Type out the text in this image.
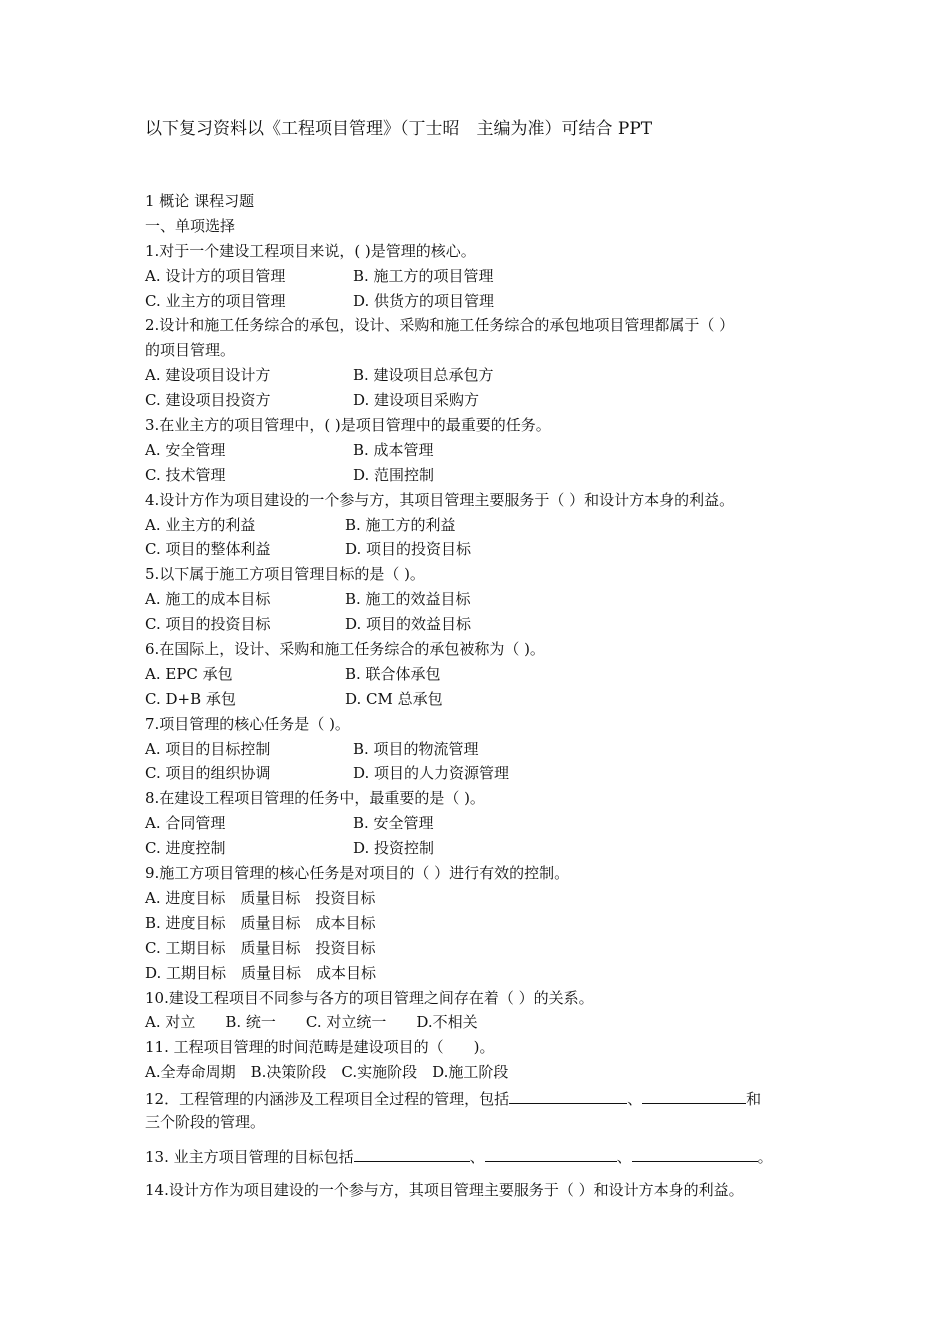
以下复习资料以《工程项目管理》（丁士昭　主编为准）可结合 PPT
1 概论 课程习题
一、单项选择
1.对于一个建设工程项目来说，( )是管理的核心。
A. 设计方的项目管理	B. 施工方的项目管理
C. 业主方的项目管理	D. 供货方的项目管理
2.设计和施工任务综合的承包，设计、采购和施工任务综合的承包地项目管理都属于（ ）
的项目管理。
A. 建设项目设计方	B. 建设项目总承包方
C. 建设项目投资方	D. 建设项目采购方
3.在业主方的项目管理中，( )是项目管理中的最重要的任务。
A. 安全管理	B. 成本管理
C. 技术管理	D. 范围控制
4.设计方作为项目建设的一个参与方，其项目管理主要服务于（ ）和设计方本身的利益。
A. 业主方的利益	B. 施工方的利益
C. 项目的整体利益	D. 项目的投资目标
5.以下属于施工方项目管理目标的是（ )。
A. 施工的成本目标	B. 施工的效益目标
C. 项目的投资目标	D. 项目的效益目标
6.在国际上，设计、采购和施工任务综合的承包被称为（ )。
A. EPC 承包	B. 联合体承包
C. D+B 承包	D. CM 总承包
7.项目管理的核心任务是（ )。
A. 项目的目标控制	B. 项目的物流管理
C. 项目的组织协调	D. 项目的人力资源管理
8.在建设工程项目管理的任务中，最重要的是（ )。
A. 合同管理	B. 安全管理
C. 进度控制	D. 投资控制
9.施工方项目管理的核心任务是对项目的（ ）进行有效的控制。
A. 进度目标　质量目标　投资目标
B. 进度目标　质量目标　成本目标
C. 工期目标　质量目标　投资目标
D. 工期目标　质量目标　成本目标
10.建设工程项目不同参与各方的项目管理之间存在着（ ）的关系。
A. 对立　　B. 统一　　C. 对立统一　　D.不相关
11. 工程项目管理的时间范畴是建设项目的（　　)。
A.全寿命周期　B.决策阶段　C.实施阶段　D.施工阶段
12．工程管理的内涵涉及工程项目全过程的管理，包括	、	和
三个阶段的管理。
13. 业主方项目管理的目标包括	、	、	。
14.设计方作为项目建设的一个参与方，其项目管理主要服务于（ ）和设计方本身的利益。
